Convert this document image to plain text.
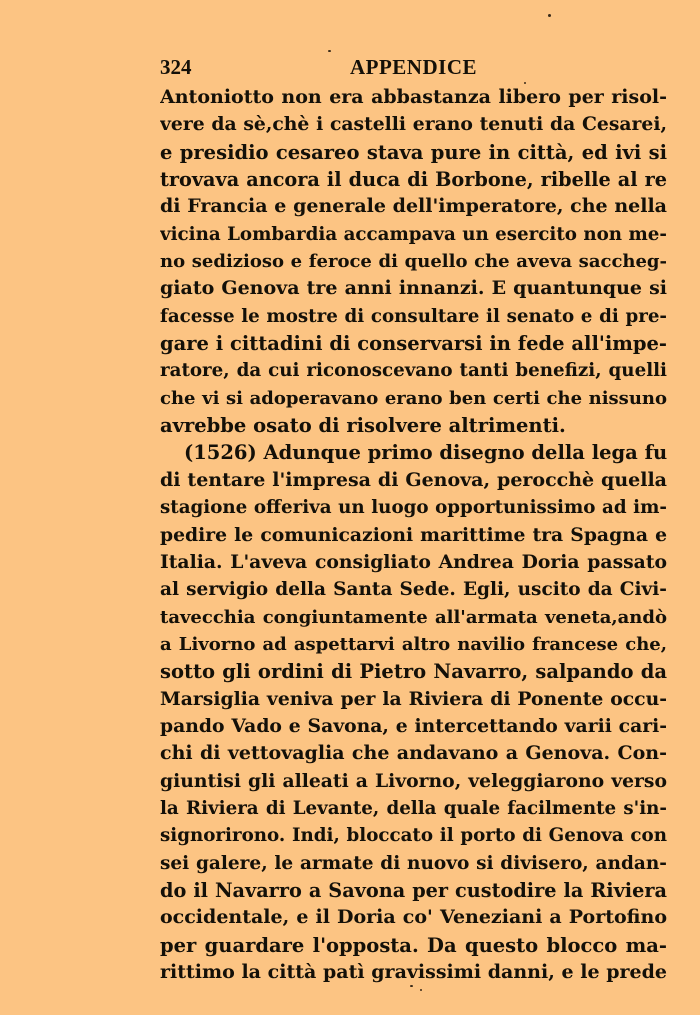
324	APPENDICE
Antoniotto non era abbastanza libero per risol-
vere da sè,chè i castelli erano tenuti da Cesarei,
e presidio cesareo stava pure in città, ed ivi si
trovava ancora il duca di Borbone, ribelle al re
di Francia e generale dell'imperatore, che nella
vicina Lombardia accampava un esercito non me-
no sedizioso e feroce di quello che aveva saccheg-
giato Genova tre anni innanzi. E quantunque si
facesse le mostre di consultare il senato e di pre-
gare i cittadini di conservarsi in fede all'impe-
ratore, da cui riconoscevano tanti benefizi, quelli
che vi si adoperavano erano ben certi che nissuno
avrebbe osato di risolvere altrimenti.
(1526) Adunque primo disegno della lega fu
di tentare l'impresa di Genova, perocchè quella
stagione offeriva un luogo opportunissimo ad im-
pedire le comunicazioni marittime tra Spagna e
Italia. L'aveva consigliato Andrea Doria passato
al servigio della Santa Sede. Egli, uscito da Civi-
tavecchia congiuntamente all'armata veneta,andò
a Livorno ad aspettarvi altro navilio francese che,
sotto gli ordini di Pietro Navarro, salpando da
Marsiglia veniva per la Riviera di Ponente occu-
pando Vado e Savona, e intercettando varii cari-
chi di vettovaglia che andavano a Genova. Con-
giuntisi gli alleati a Livorno, veleggiarono verso
la Riviera di Levante, della quale facilmente s'in-
signorirono. Indi, bloccato il porto di Genova con
sei galere, le armate di nuovo si divisero, andan-
do il Navarro a Savona per custodire la Riviera
occidentale, e il Doria co' Veneziani a Portofino
per guardare l'opposta. Da questo blocco ma-
rittimo la città patì gravissimi danni, e le prede
